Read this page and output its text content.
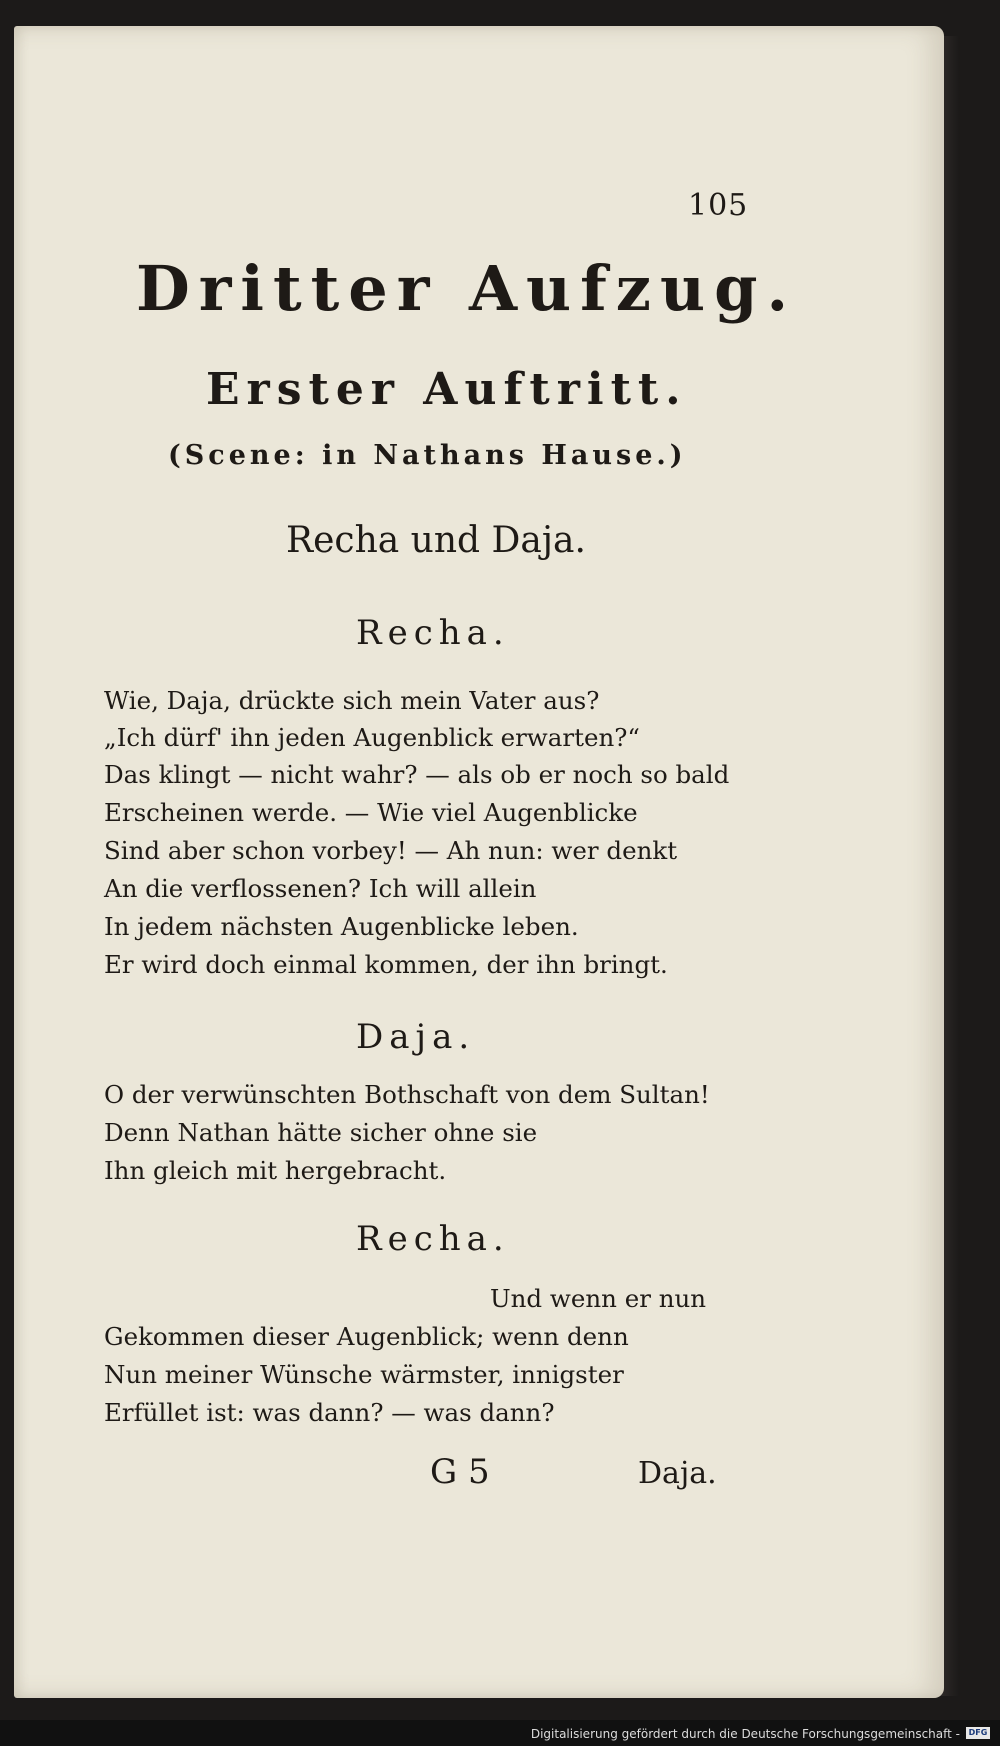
105
Dritter Aufzug.
Erster Auftritt.
(Scene: in Nathans Hause.)
Recha und Daja.
Recha.
Wie, Daja, drückte sich mein Vater aus?
„Ich dürf' ihn jeden Augenblick erwarten?“
Das klingt — nicht wahr? — als ob er noch so bald
Erscheinen werde. — Wie viel Augenblicke
Sind aber schon vorbey! — Ah nun: wer denkt
An die verflossenen? Ich will allein
In jedem nächsten Augenblicke leben.
Er wird doch einmal kommen, der ihn bringt.
Daja.
O der verwünschten Bothschaft von dem Sultan!
Denn Nathan hätte sicher ohne sie
Ihn gleich mit hergebracht.
Recha.
Und wenn er nun
Gekommen dieser Augenblick; wenn denn
Nun meiner Wünsche wärmster, innigster
Erfüllet ist: was dann? — was dann?
G 5	Daja.
Digitalisierung gefördert durch die Deutsche Forschungsgemeinschaft -	DFG
